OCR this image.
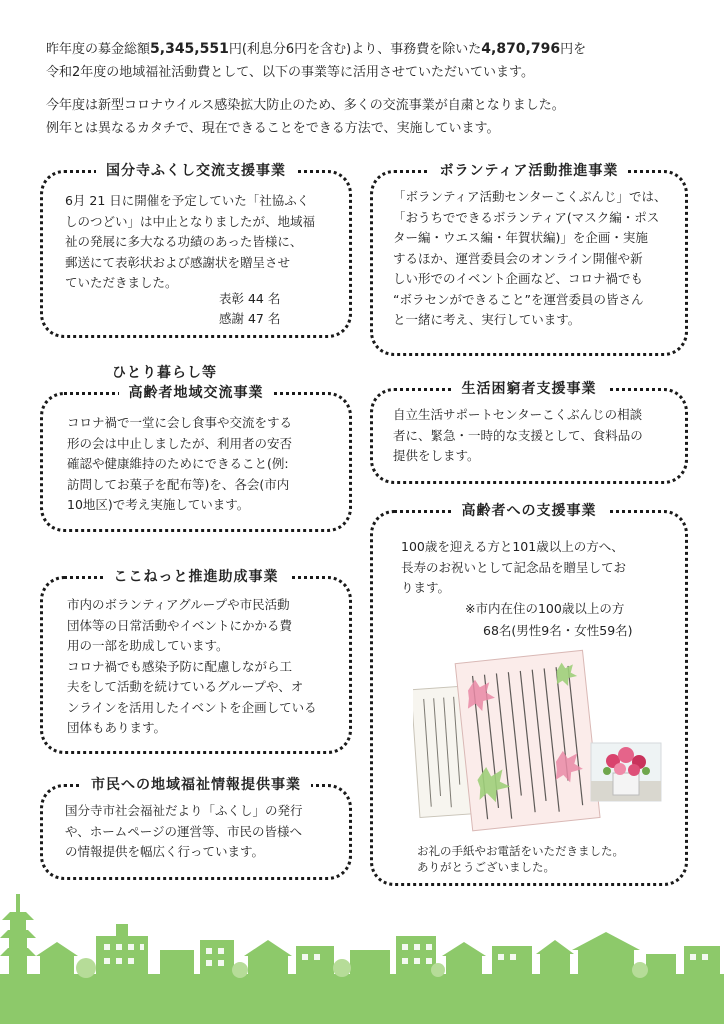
昨年度の募金総額5,345,551円(利息分6円を含む)より、事務費を除いた4,870,796円を
令和2年度の地域福祉活動費として、以下の事業等に活用させていただいています。
今年度は新型コロナウイルス感染拡大防止のため、多くの交流事業が自粛となりました。
例年とは異なるカタチで、現在できることをできる方法で、実施しています。
国分寺ふくし交流支援事業
6月 21 日に開催を予定していた「社協ふく
しのつどい」は中止となりましたが、地域福
祉の発展に多大なる功績のあった皆様に、
郵送にて表彰状および感謝状を贈呈させ
ていただきました。
表彰 44 名
感謝 47 名
ボランティア活動推進事業
「ボランティア活動センターこくぶんじ」では、
「おうちでできるボランティア(マスク編・ポス
ター編・ウエス編・年賀状編)」を企画・実施
するほか、運営委員会のオンライン開催や新
しい形でのイベント企画など、コロナ禍でも
“ボラセンができること”を運営委員の皆さん
と一緒に考え、実行しています。
ひとり暮らし等
高齢者地域交流事業
コロナ禍で一堂に会し食事や交流をする
形の会は中止しましたが、利用者の安否
確認や健康維持のためにできること(例:
訪問してお菓子を配布等)を、各会(市内
10地区)で考え実施しています。
生活困窮者支援事業
自立生活サポートセンターこくぶんじの相談
者に、緊急・一時的な支援として、食料品の
提供をします。
高齢者への支援事業
100歳を迎える方と101歳以上の方へ、
長寿のお祝いとして記念品を贈呈してお
ります。
※市内在住の100歳以上の方
68名(男性9名・女性59名)
お礼の手紙やお電話をいただきました。
ありがとうございました。
ここねっと推進助成事業
市内のボランティアグループや市民活動
団体等の日常活動やイベントにかかる費
用の一部を助成しています。
コロナ禍でも感染予防に配慮しながら工
夫をして活動を続けているグループや、オ
ンラインを活用したイベントを企画している
団体もあります。
市民への地域福祉情報提供事業
国分寺市社会福祉だより「ふくし」の発行
や、ホームページの運営等、市民の皆様へ
の情報提供を幅広く行っています。
